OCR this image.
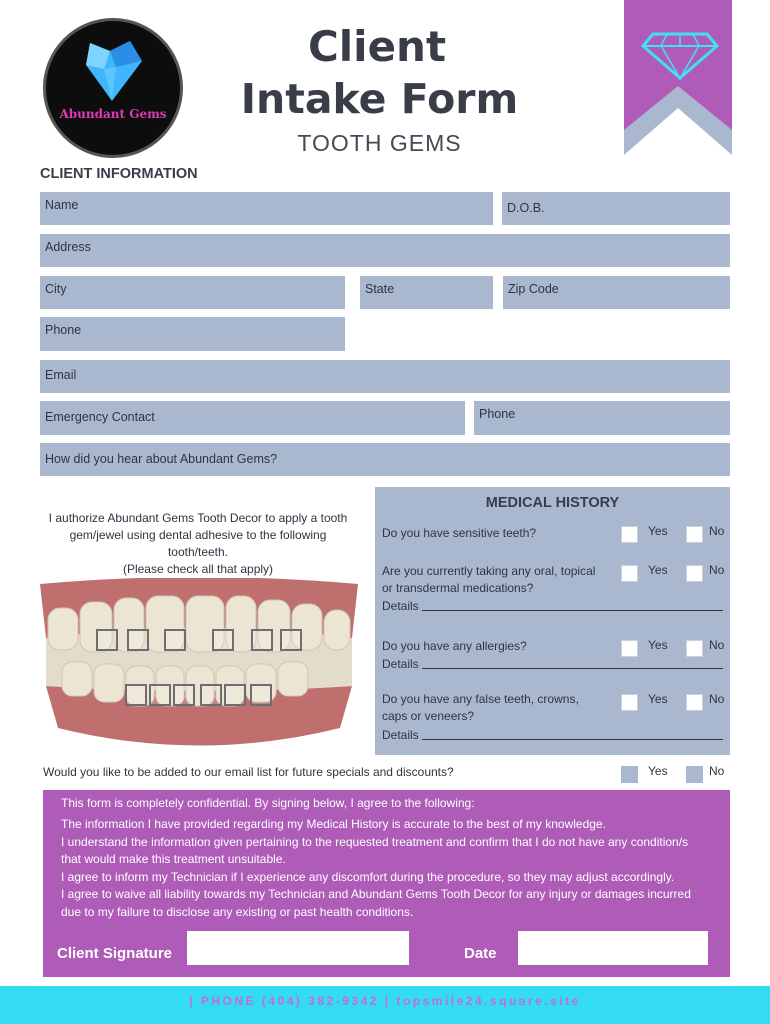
Abundant Gems
Client
Intake Form
TOOTH GEMS
CLIENT INFORMATION
Name	D.O.B.
Address
City	State	Zip Code
Phone
Email
Emergency Contact	Phone
How did you hear about Abundant Gems?
I authorize Abundant Gems Tooth Decor to apply a tooth
gem/jewel using dental adhesive to the following
tooth/teeth.
(Please check all that apply)
MEDICAL HISTORY
Do you have sensitive teeth?	Yes	No
Are you currently taking any oral, topical
or transdermal medications?
Yes	No
Details
Do you have any allergies?	Yes	No
Details
Do you have any false teeth, crowns,
caps or veneers?
Yes	No
Details
Would you like to be added to our email list for future specials and discounts?	Yes	No
This form is completely confidential. By signing below, I agree to the following:
The information I have provided regarding my Medical History is accurate to the best of my knowledge.
I understand the information given pertaining to the requested treatment and confirm that I do not have any condition/s
that would make this treatment unsuitable.
I agree to inform my Technician if I experience any discomfort during the procedure, so they may adjust accordingly.
I agree to waive all liability towards my Technician and Abundant Gems Tooth Decor for any injury or damages incurred
due to my failure to disclose any existing or past health conditions.
Client Signature	Date
| PHONE (404) 382-9342 | topsmile24.square.site
